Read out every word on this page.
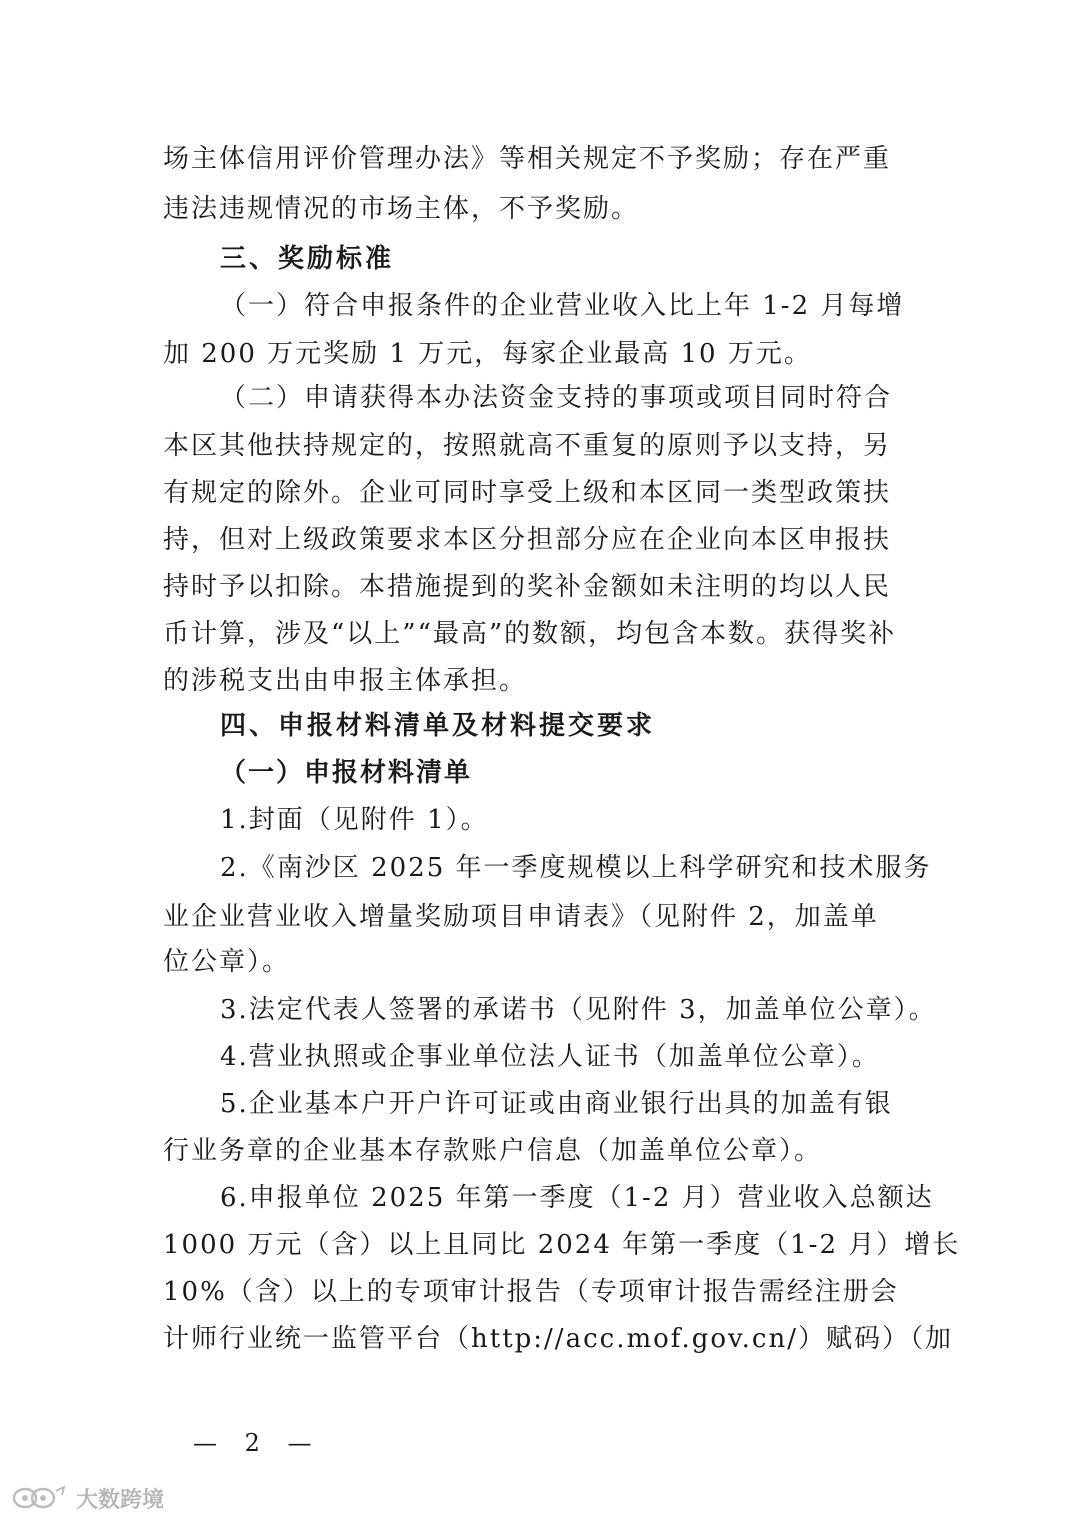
场主体信用评价管理办法》等相关规定不予奖励；存在严重
违法违规情况的市场主体，不予奖励。
三、奖励标准
（一）符合申报条件的企业营业收入比上年 1-2 月每增
加 200 万元奖励 1 万元，每家企业最高 10 万元。
（二）申请获得本办法资金支持的事项或项目同时符合
本区其他扶持规定的，按照就高不重复的原则予以支持，另
有规定的除外。企业可同时享受上级和本区同一类型政策扶
持，但对上级政策要求本区分担部分应在企业向本区申报扶
持时予以扣除。本措施提到的奖补金额如未注明的均以人民
币计算，涉及“以上”“最高”的数额，均包含本数。获得奖补
的涉税支出由申报主体承担。
四、申报材料清单及材料提交要求
（一）申报材料清单
1.封面（见附件 1）。
2.《南沙区 2025 年一季度规模以上科学研究和技术服务
业企业营业收入增量奖励项目申请表》（见附件 2，加盖单
位公章）。
3.法定代表人签署的承诺书（见附件 3，加盖单位公章）。
4.营业执照或企事业单位法人证书（加盖单位公章）。
5.企业基本户开户许可证或由商业银行出具的加盖有银
行业务章的企业基本存款账户信息（加盖单位公章）。
6.申报单位 2025 年第一季度（1-2 月）营业收入总额达
1000 万元（含）以上且同比 2024 年第一季度（1-2 月）增长
10%（含）以上的专项审计报告（专项审计报告需经注册会
计师行业统一监管平台（http://acc.mof.gov.cn/）赋码）（加
— 2 —
大数跨境
